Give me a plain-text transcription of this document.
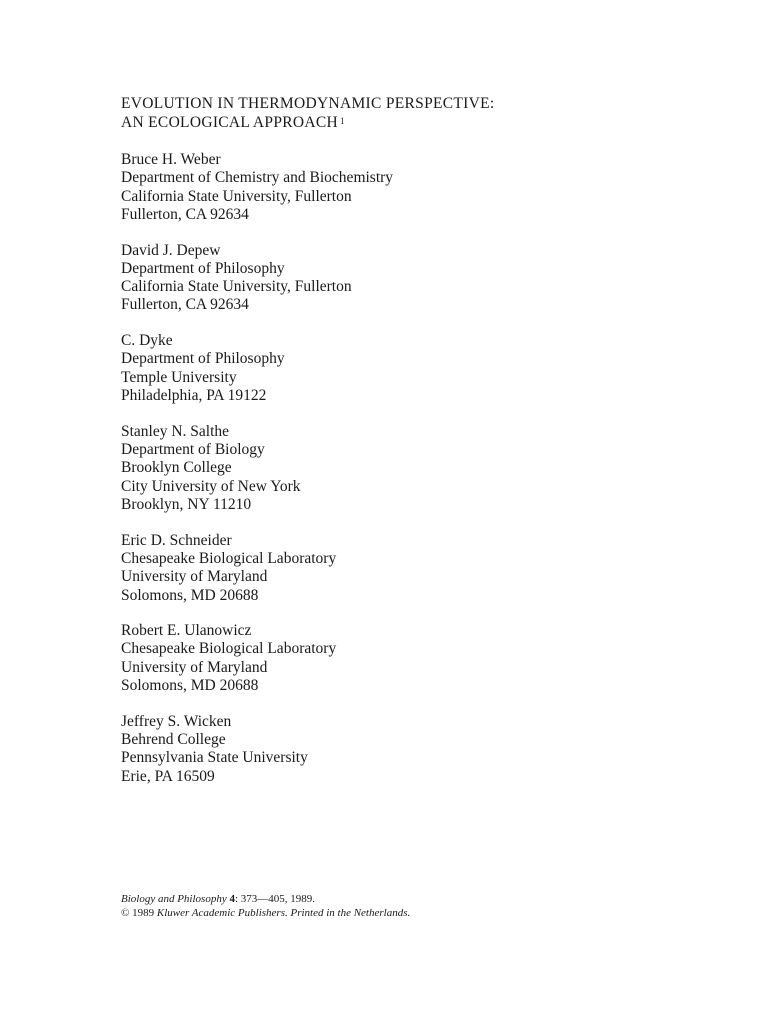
EVOLUTION IN THERMODYNAMIC PERSPECTIVE:
AN ECOLOGICAL APPROACH $^1$
Bruce H. Weber
Department of Chemistry and Biochemistry
California State University, Fullerton
Fullerton, CA 92634
David J. Depew
Department of Philosophy
California State University, Fullerton
Fullerton, CA 92634
C. Dyke
Department of Philosophy
Temple University
Philadelphia, PA 19122
Stanley N. Salthe
Department of Biology
Brooklyn College
City University of New York
Brooklyn, NY 11210
Eric D. Schneider
Chesapeake Biological Laboratory
University of Maryland
Solomons, MD 20688
Robert E. Ulanowicz
Chesapeake Biological Laboratory
University of Maryland
Solomons, MD 20688
Jeffrey S. Wicken
Behrend College
Pennsylvania State University
Erie, PA 16509
Biology and Philosophy 4: 373—405, 1989.
© 1989 Kluwer Academic Publishers. Printed in the Netherlands.
